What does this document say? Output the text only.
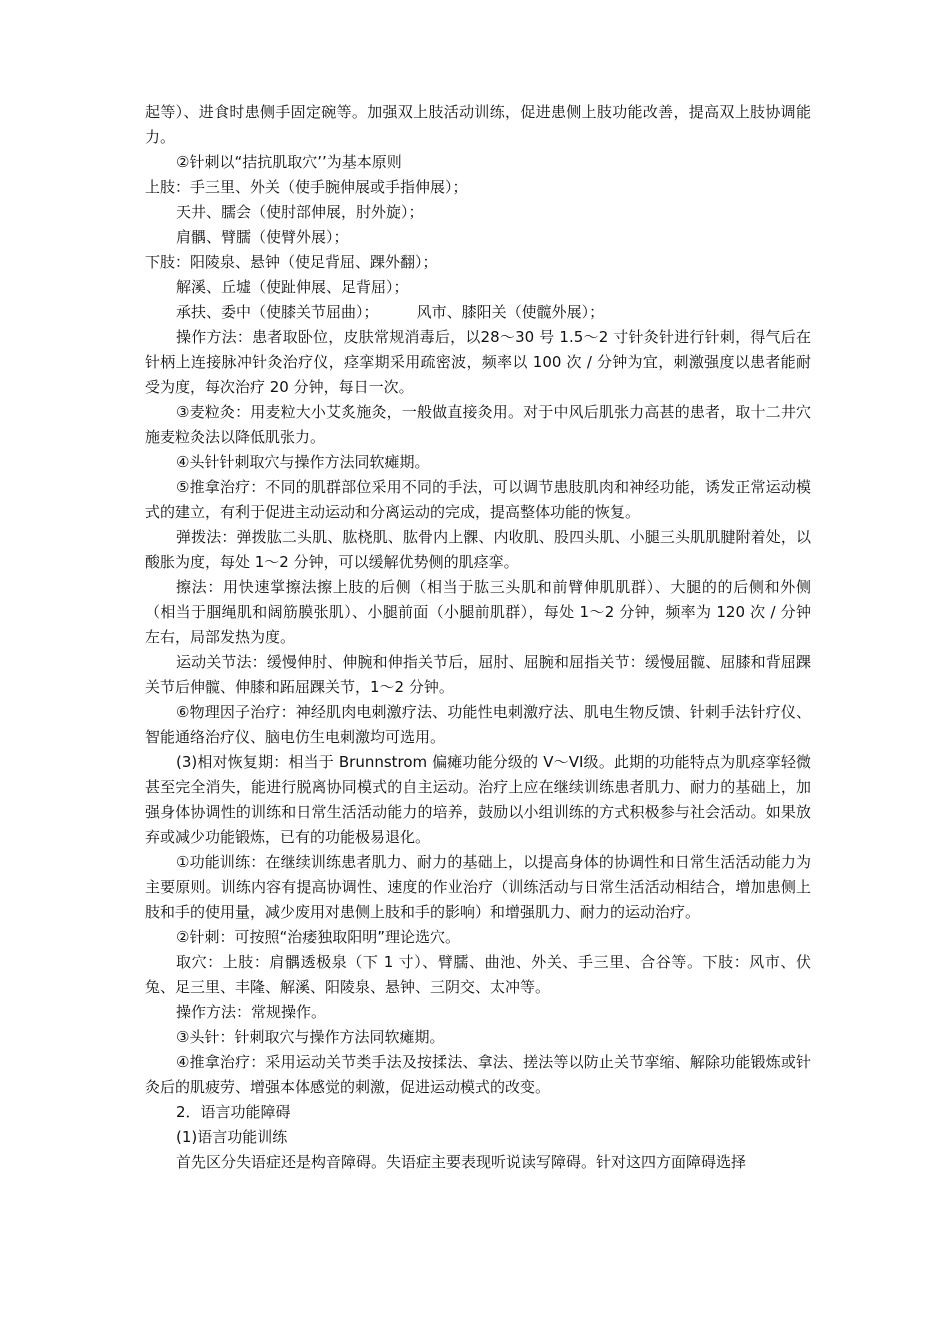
起等）、进食时患侧手固定碗等。加强双上肢活动训练，促进患侧上肢功能改善，提高双上肢协调能力。

②针刺以“拮抗肌取穴’’为基本原则

上肢：手三里、外关（使手腕伸展或手指伸展）；

天井、臑会（使肘部伸展，肘外旋）；

肩髃、臂臑（使臂外展）；

下肢：阳陵泉、悬钟（使足背屈、踝外翻）；

解溪、丘墟（使趾伸展、足背屈）；

承扶、委中（使膝关节屈曲）；        风市、膝阳关（使髋外展）；

操作方法：患者取卧位，皮肤常规消毒后，以28～30 号 1.5～2 寸针灸针进行针刺，得气后在针柄上连接脉冲针灸治疗仪，痉挛期采用疏密波，频率以 100 次 / 分钟为宜，刺激强度以患者能耐受为度，每次治疗 20 分钟，每日一次。

③麦粒灸：用麦粒大小艾炙施灸，一般做直接灸用。对于中风后肌张力高甚的患者，取十二井穴施麦粒灸法以降低肌张力。

④头针针刺取穴与操作方法同软瘫期。

⑤推拿治疗：不同的肌群部位采用不同的手法，可以调节患肢肌肉和神经功能，诱发正常运动模式的建立，有利于促进主动运动和分离运动的完成，提高整体功能的恢复。

弹拨法：弹拨肱二头肌、肱桡肌、肱骨内上髁、内收肌、股四头肌、小腿三头肌肌腱附着处，以酸胀为度，每处 1～2 分钟，可以缓解优势侧的肌痉挛。

擦法：用快速掌擦法擦上肢的后侧（相当于肱三头肌和前臂伸肌肌群）、大腿的的后侧和外侧（相当于腘绳肌和阔筋膜张肌）、小腿前面（小腿前肌群），每处 1～2 分钟，频率为 120 次 / 分钟左右，局部发热为度。

运动关节法：缓慢伸肘、伸腕和伸指关节后，屈肘、屈腕和屈指关节：缓慢屈髋、屈膝和背屈踝关节后伸髋、伸膝和跖屈踝关节，1～2 分钟。

⑥物理因子治疗：神经肌肉电刺激疗法、功能性电刺激疗法、肌电生物反馈、针刺手法针疗仪、智能通络治疗仪、脑电仿生电刺激均可选用。

(3)相对恢复期：相当于 Brunnstrom 偏瘫功能分级的 V～VI级。此期的功能特点为肌痉挛轻微甚至完全消失，能进行脱离协同模式的自主运动。治疗上应在继续训练患者肌力、耐力的基础上，加强身体协调性的训练和日常生活活动能力的培养，鼓励以小组训练的方式积极参与社会活动。如果放弃或减少功能锻炼，已有的功能极易退化。

①功能训练：在继续训练患者肌力、耐力的基础上，以提高身体的协调性和日常生活活动能力为主要原则。训练内容有提高协调性、速度的作业治疗（训练活动与日常生活活动相结合，增加患侧上肢和手的使用量，减少废用对患侧上肢和手的影响）和增强肌力、耐力的运动治疗。

②针刺：可按照“治痿独取阳明”理论选穴。

取穴：上肢：肩髃透极泉（下 1 寸）、臂臑、曲池、外关、手三里、合谷等。下肢：风市、伏兔、足三里、丰隆、解溪、阳陵泉、悬钟、三阴交、太冲等。

操作方法：常规操作。

③头针：针刺取穴与操作方法同软瘫期。

④推拿治疗：采用运动关节类手法及按揉法、拿法、搓法等以防止关节挛缩、解除功能锻炼或针灸后的肌疲劳、增强本体感觉的刺激，促进运动模式的改变。

2．语言功能障碍

(1)语言功能训练

首先区分失语症还是构音障碍。失语症主要表现听说读写障碍。针对这四方面障碍选择
